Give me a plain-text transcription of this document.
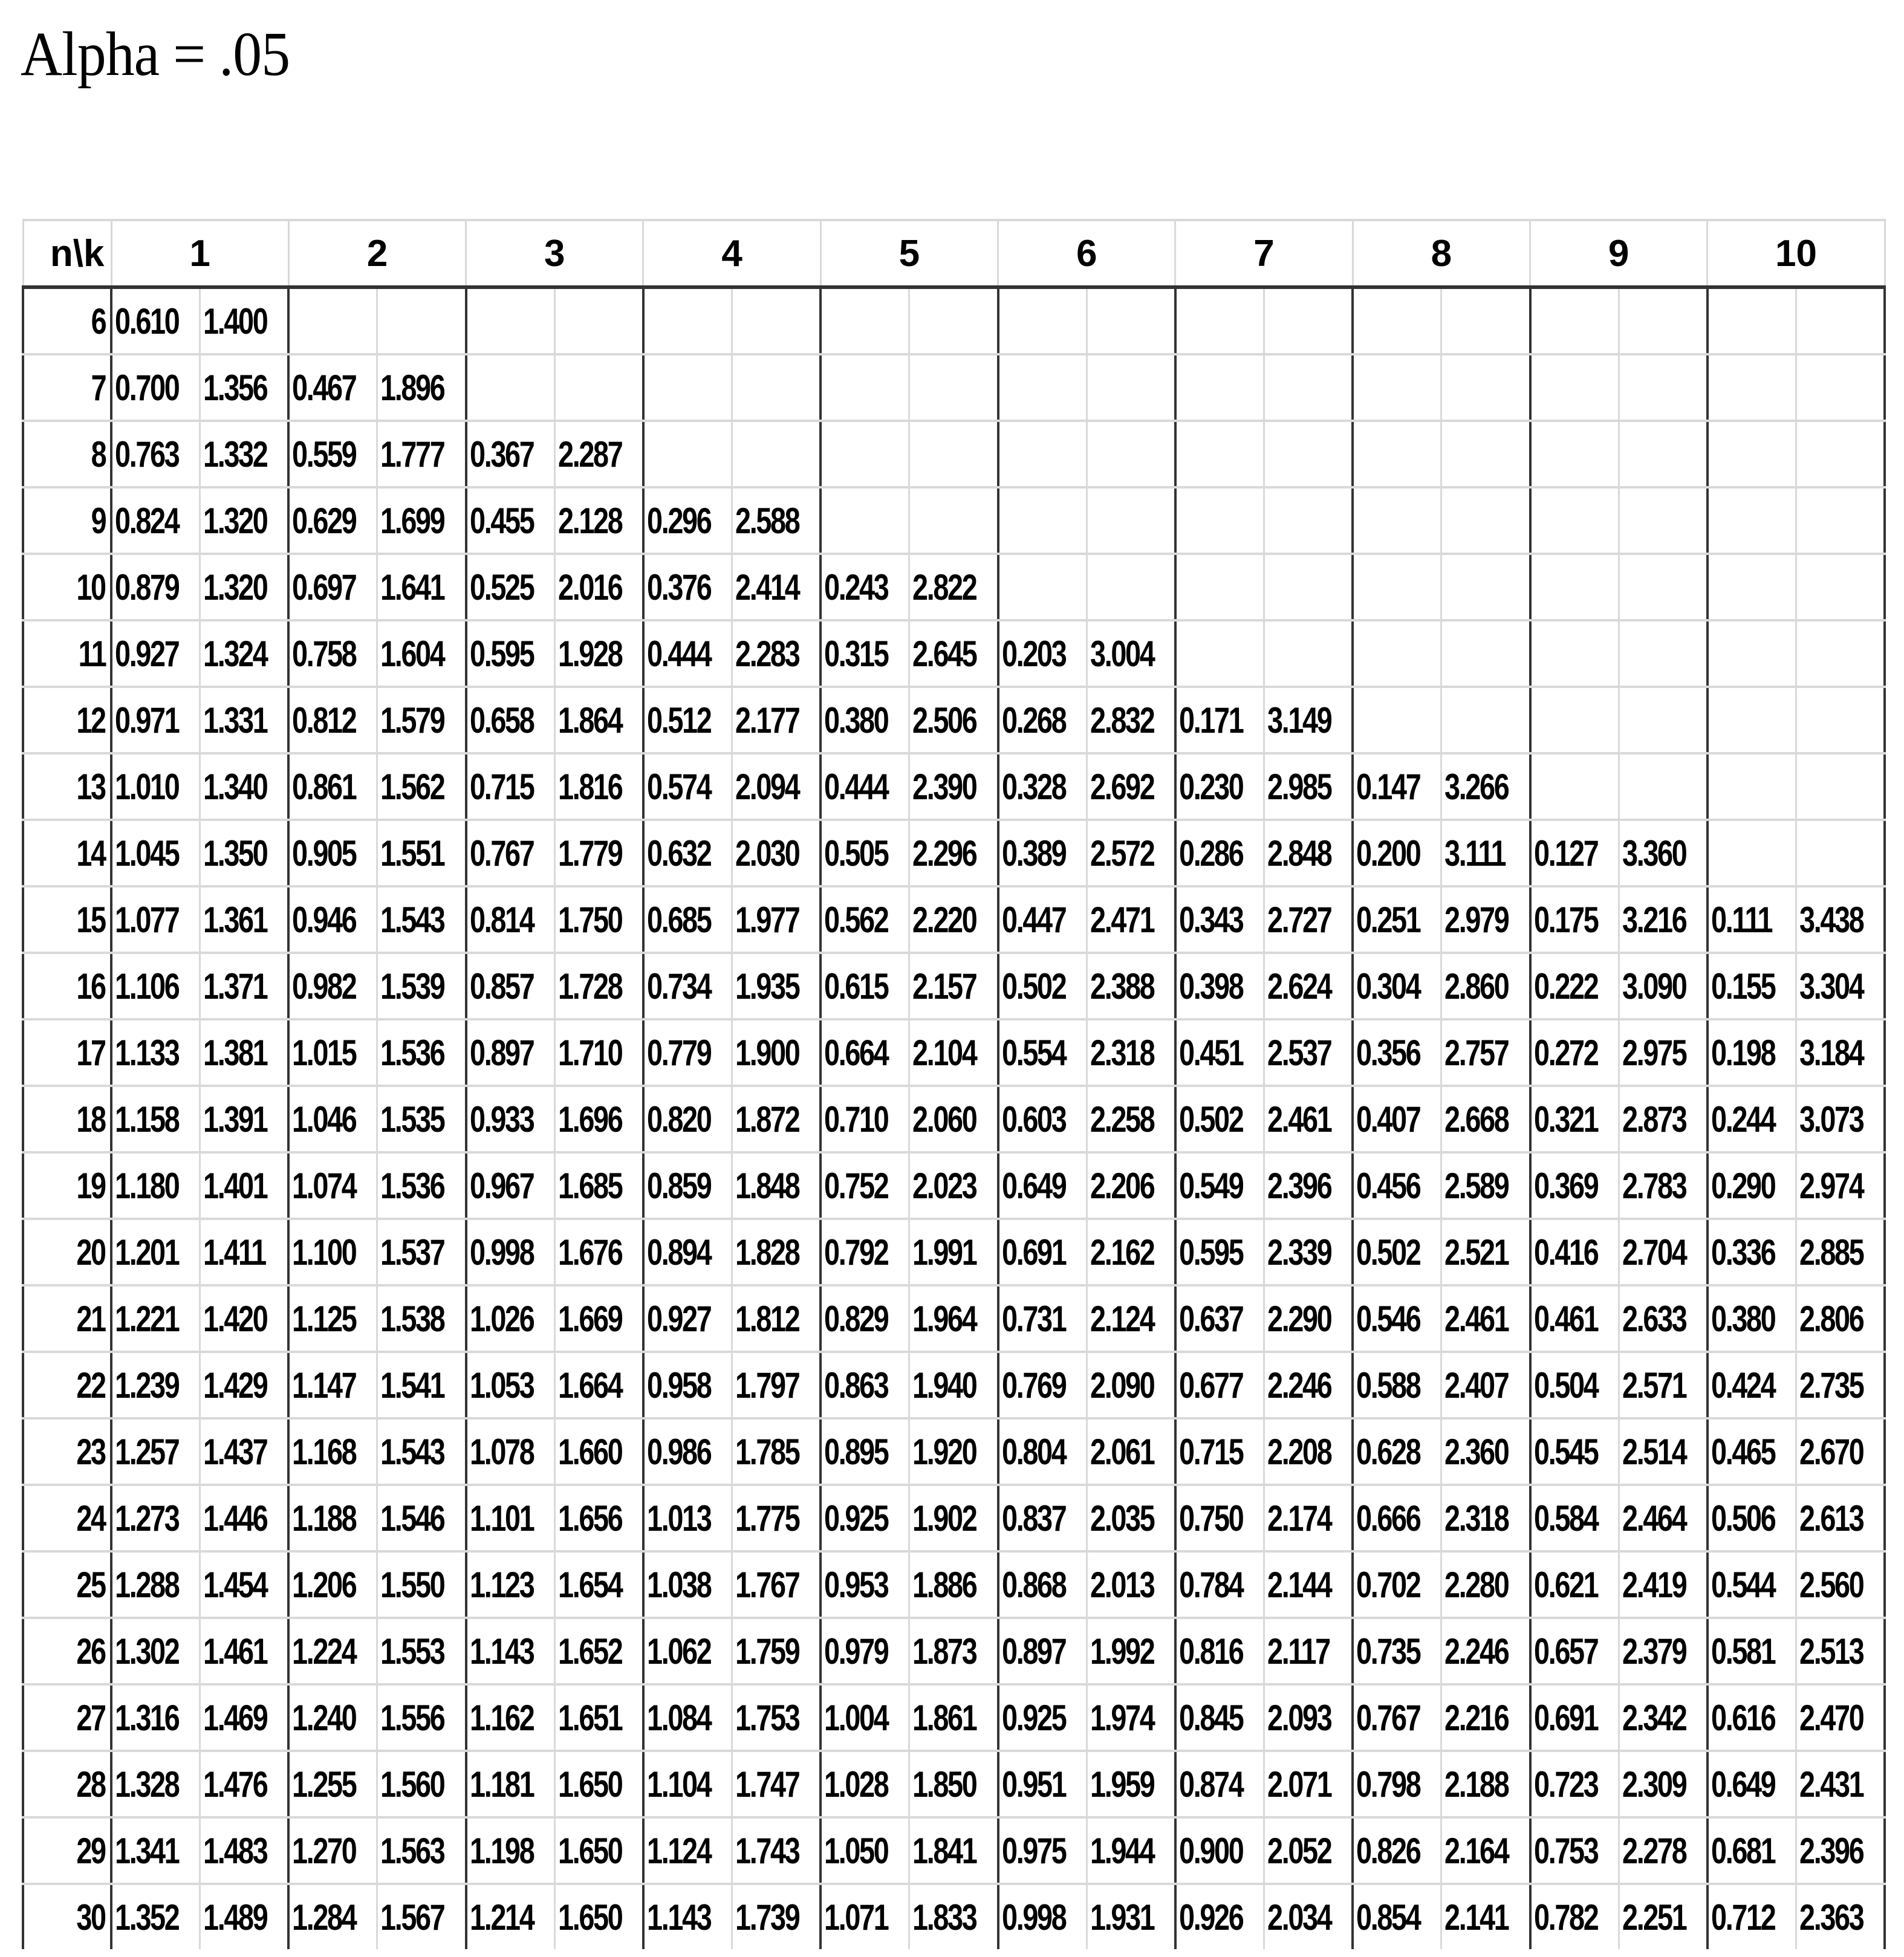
Alpha = .05
n\k	1		2		3		4		5		6		7		8		9		10	
6	0.610	1.400																		
7	0.700	1.356	0.467	1.896																
8	0.763	1.332	0.559	1.777	0.367	2.287														
9	0.824	1.320	0.629	1.699	0.455	2.128	0.296	2.588												
10	0.879	1.320	0.697	1.641	0.525	2.016	0.376	2.414	0.243	2.822										
11	0.927	1.324	0.758	1.604	0.595	1.928	0.444	2.283	0.315	2.645	0.203	3.004								
12	0.971	1.331	0.812	1.579	0.658	1.864	0.512	2.177	0.380	2.506	0.268	2.832	0.171	3.149						
13	1.010	1.340	0.861	1.562	0.715	1.816	0.574	2.094	0.444	2.390	0.328	2.692	0.230	2.985	0.147	3.266				
14	1.045	1.350	0.905	1.551	0.767	1.779	0.632	2.030	0.505	2.296	0.389	2.572	0.286	2.848	0.200	3.111	0.127	3.360		
15	1.077	1.361	0.946	1.543	0.814	1.750	0.685	1.977	0.562	2.220	0.447	2.471	0.343	2.727	0.251	2.979	0.175	3.216	0.111	3.438
16	1.106	1.371	0.982	1.539	0.857	1.728	0.734	1.935	0.615	2.157	0.502	2.388	0.398	2.624	0.304	2.860	0.222	3.090	0.155	3.304
17	1.133	1.381	1.015	1.536	0.897	1.710	0.779	1.900	0.664	2.104	0.554	2.318	0.451	2.537	0.356	2.757	0.272	2.975	0.198	3.184
18	1.158	1.391	1.046	1.535	0.933	1.696	0.820	1.872	0.710	2.060	0.603	2.258	0.502	2.461	0.407	2.668	0.321	2.873	0.244	3.073
19	1.180	1.401	1.074	1.536	0.967	1.685	0.859	1.848	0.752	2.023	0.649	2.206	0.549	2.396	0.456	2.589	0.369	2.783	0.290	2.974
20	1.201	1.411	1.100	1.537	0.998	1.676	0.894	1.828	0.792	1.991	0.691	2.162	0.595	2.339	0.502	2.521	0.416	2.704	0.336	2.885
21	1.221	1.420	1.125	1.538	1.026	1.669	0.927	1.812	0.829	1.964	0.731	2.124	0.637	2.290	0.546	2.461	0.461	2.633	0.380	2.806
22	1.239	1.429	1.147	1.541	1.053	1.664	0.958	1.797	0.863	1.940	0.769	2.090	0.677	2.246	0.588	2.407	0.504	2.571	0.424	2.735
23	1.257	1.437	1.168	1.543	1.078	1.660	0.986	1.785	0.895	1.920	0.804	2.061	0.715	2.208	0.628	2.360	0.545	2.514	0.465	2.670
24	1.273	1.446	1.188	1.546	1.101	1.656	1.013	1.775	0.925	1.902	0.837	2.035	0.750	2.174	0.666	2.318	0.584	2.464	0.506	2.613
25	1.288	1.454	1.206	1.550	1.123	1.654	1.038	1.767	0.953	1.886	0.868	2.013	0.784	2.144	0.702	2.280	0.621	2.419	0.544	2.560
26	1.302	1.461	1.224	1.553	1.143	1.652	1.062	1.759	0.979	1.873	0.897	1.992	0.816	2.117	0.735	2.246	0.657	2.379	0.581	2.513
27	1.316	1.469	1.240	1.556	1.162	1.651	1.084	1.753	1.004	1.861	0.925	1.974	0.845	2.093	0.767	2.216	0.691	2.342	0.616	2.470
28	1.328	1.476	1.255	1.560	1.181	1.650	1.104	1.747	1.028	1.850	0.951	1.959	0.874	2.071	0.798	2.188	0.723	2.309	0.649	2.431
29	1.341	1.483	1.270	1.563	1.198	1.650	1.124	1.743	1.050	1.841	0.975	1.944	0.900	2.052	0.826	2.164	0.753	2.278	0.681	2.396
30	1.352	1.489	1.284	1.567	1.214	1.650	1.143	1.739	1.071	1.833	0.998	1.931	0.926	2.034	0.854	2.141	0.782	2.251	0.712	2.363
